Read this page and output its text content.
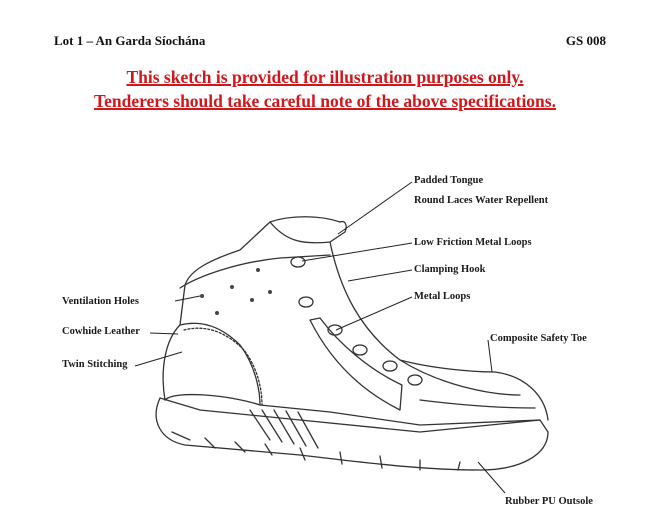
Lot 1 – An Garda Síochána	GS 008
This sketch is provided for illustration purposes only.
Tenderers should take careful note of the above specifications.
Padded Tongue
Round Laces Water Repellent
Low Friction Metal Loops
Clamping Hook
Metal Loops
Ventilation Holes
Cowhide Leather
Twin Stitching
Composite Safety Toe
Rubber PU Outsole
